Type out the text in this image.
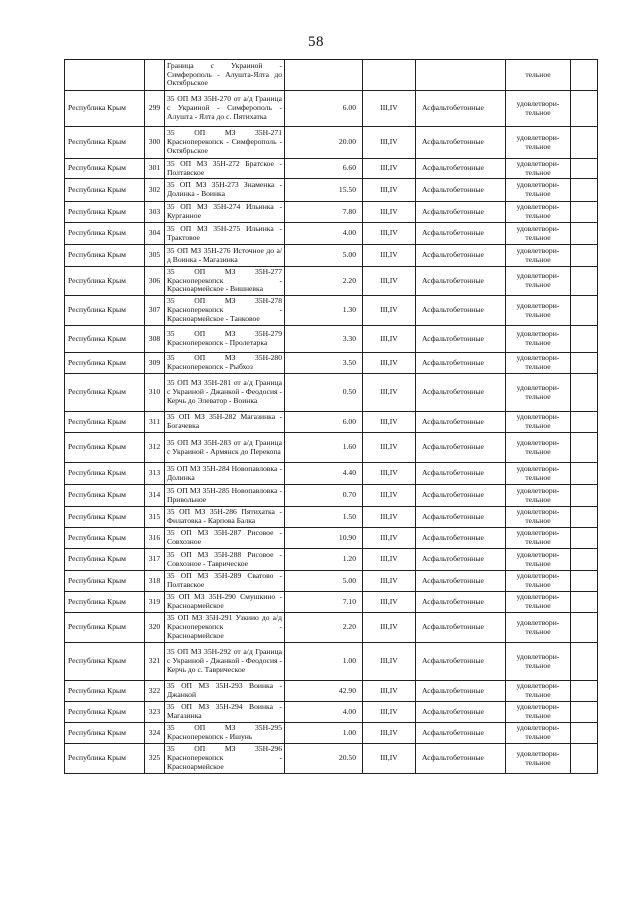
58
		Граница с Украиной - Симферополь - Алушта-Ялта до Октябрьское				тельное	
Республика Крым	299	35 ОП МЗ 35Н-270 от а/д Граница с Украиной - Симферополь - Алушта - Ялта до с. Пятихатка	6.00	III,IV	Асфальтобетонные	удовлетвори-тельное	
Республика Крым	300	35 ОП МЗ 35Н-271 Красноперекопск - Симферополь - Октябрьское	20.00	III,IV	Асфальтобетонные	удовлетвори-тельное	
Республика Крым	301	35 ОП МЗ 35Н-272 Братское - Полтавское	6.60	III,IV	Асфальтобетонные	удовлетвори-тельное	
Республика Крым	302	35 ОП МЗ 35Н-273 Знаменка - Долинка - Воинка	15.50	III,IV	Асфальтобетонные	удовлетвори-тельное	
Республика Крым	303	35 ОП МЗ 35Н-274 Ильинка - Курганное	7.80	III,IV	Асфальтобетонные	удовлетвори-тельное	
Республика Крым	304	35 ОП МЗ 35Н-275 Ильинка - Трактовое	4.00	III,IV	Асфальтобетонные	удовлетвори-тельное	
Республика Крым	305	35 ОП МЗ 35Н-276 Источное до а/д Воинка - Магазинка	5.00	III,IV	Асфальтобетонные	удовлетвори-тельное	
Республика Крым	306	35 ОП МЗ 35Н-277 Красноперекопск - Красноармейское - Вишневка	2.20	III,IV	Асфальтобетонные	удовлетвори-тельное	
Республика Крым	307	35 ОП МЗ 35Н-278 Красноперекопск - Красноармейское - Танковое	1.30	III,IV	Асфальтобетонные	удовлетвори-тельное	
Республика Крым	308	35 ОП МЗ 35Н-279 Красноперекопск - Пролетарка	3.30	III,IV	Асфальтобетонные	удовлетвори-тельное	
Республика Крым	309	35 ОП МЗ 35Н-280 Красноперекопск - Рыбхоз	3.50	III,IV	Асфальтобетонные	удовлетвори-тельное	
Республика Крым	310	35 ОП МЗ 35Н-281 от а/д Граница с Украиной - Джанкой - Феодосия - Керчь до Элеватор - Воинка	0.50	III,IV	Асфальтобетонные	удовлетвори-тельное	
Республика Крым	311	35 ОП МЗ 35Н-282 Магазинка - Богачевка	6.00	III,IV	Асфальтобетонные	удовлетвори-тельное	
Республика Крым	312	35 ОП МЗ 35Н-283 от а/д Граница с Украиной - Армянск до Перекопа	1.60	III,IV	Асфальтобетонные	удовлетвори-тельное	
Республика Крым	313	35 ОП МЗ 35Н-284 Новопавловка - Долинка	4.40	III,IV	Асфальтобетонные	удовлетвори-тельное	
Республика Крым	314	35 ОП МЗ 35Н-285 Новопавловка - Привольное	0.70	III,IV	Асфальтобетонные	удовлетвори-тельное	
Республика Крым	315	35 ОП МЗ 35Н-286 Пятихатка - Филатовка - Карпова Балка	1.50	III,IV	Асфальтобетонные	удовлетвори-тельное	
Республика Крым	316	35 ОП МЗ 35Н-287 Рисовое - Совхозное	10.90	III,IV	Асфальтобетонные	удовлетвори-тельное	
Республика Крым	317	35 ОП МЗ 35Н-288 Рисовое - Совхозное - Таврическое	1.20	III,IV	Асфальтобетонные	удовлетвори-тельное	
Республика Крым	318	35 ОП МЗ 35Н-289 Сватово - Полтавское	5.00	III,IV	Асфальтобетонные	удовлетвори-тельное	
Республика Крым	319	35 ОП МЗ 35Н-290 Смушкино - Красноармейское	7.10	III,IV	Асфальтобетонные	удовлетвори-тельное	
Республика Крым	320	35 ОП МЗ 35Н-291 Узкиио до а/д Красноперекопск - Красноармейское	2.20	III,IV	Асфальтобетонные	удовлетвори-тельное	
Республика Крым	321	35 ОП МЗ 35Н-292 от а/д Граница с Украиной - Джанкой - Феодосия - Керчь до с. Таврическое	1.00	III,IV	Асфальтобетонные	удовлетвори-тельное	
Республика Крым	322	35 ОП МЗ 35Н-293 Воинка - Джанкой	42.90	III,IV	Асфальтобетонные	удовлетвори-тельное	
Республика Крым	323	35 ОП МЗ 35Н-294 Воинка - Магазинка	4.00	III,IV	Асфальтобетонные	удовлетвори-тельное	
Республика Крым	324	35 ОП МЗ 35Н-295 Красноперекопск - Ишунь	1.00	III,IV	Асфальтобетонные	удовлетвори-тельное	
Республика Крым	325	35 ОП МЗ 35Н-296 Красноперекопск - Красноармейское	20.50	III,IV	Асфальтобетонные	удовлетвори-тельное	
